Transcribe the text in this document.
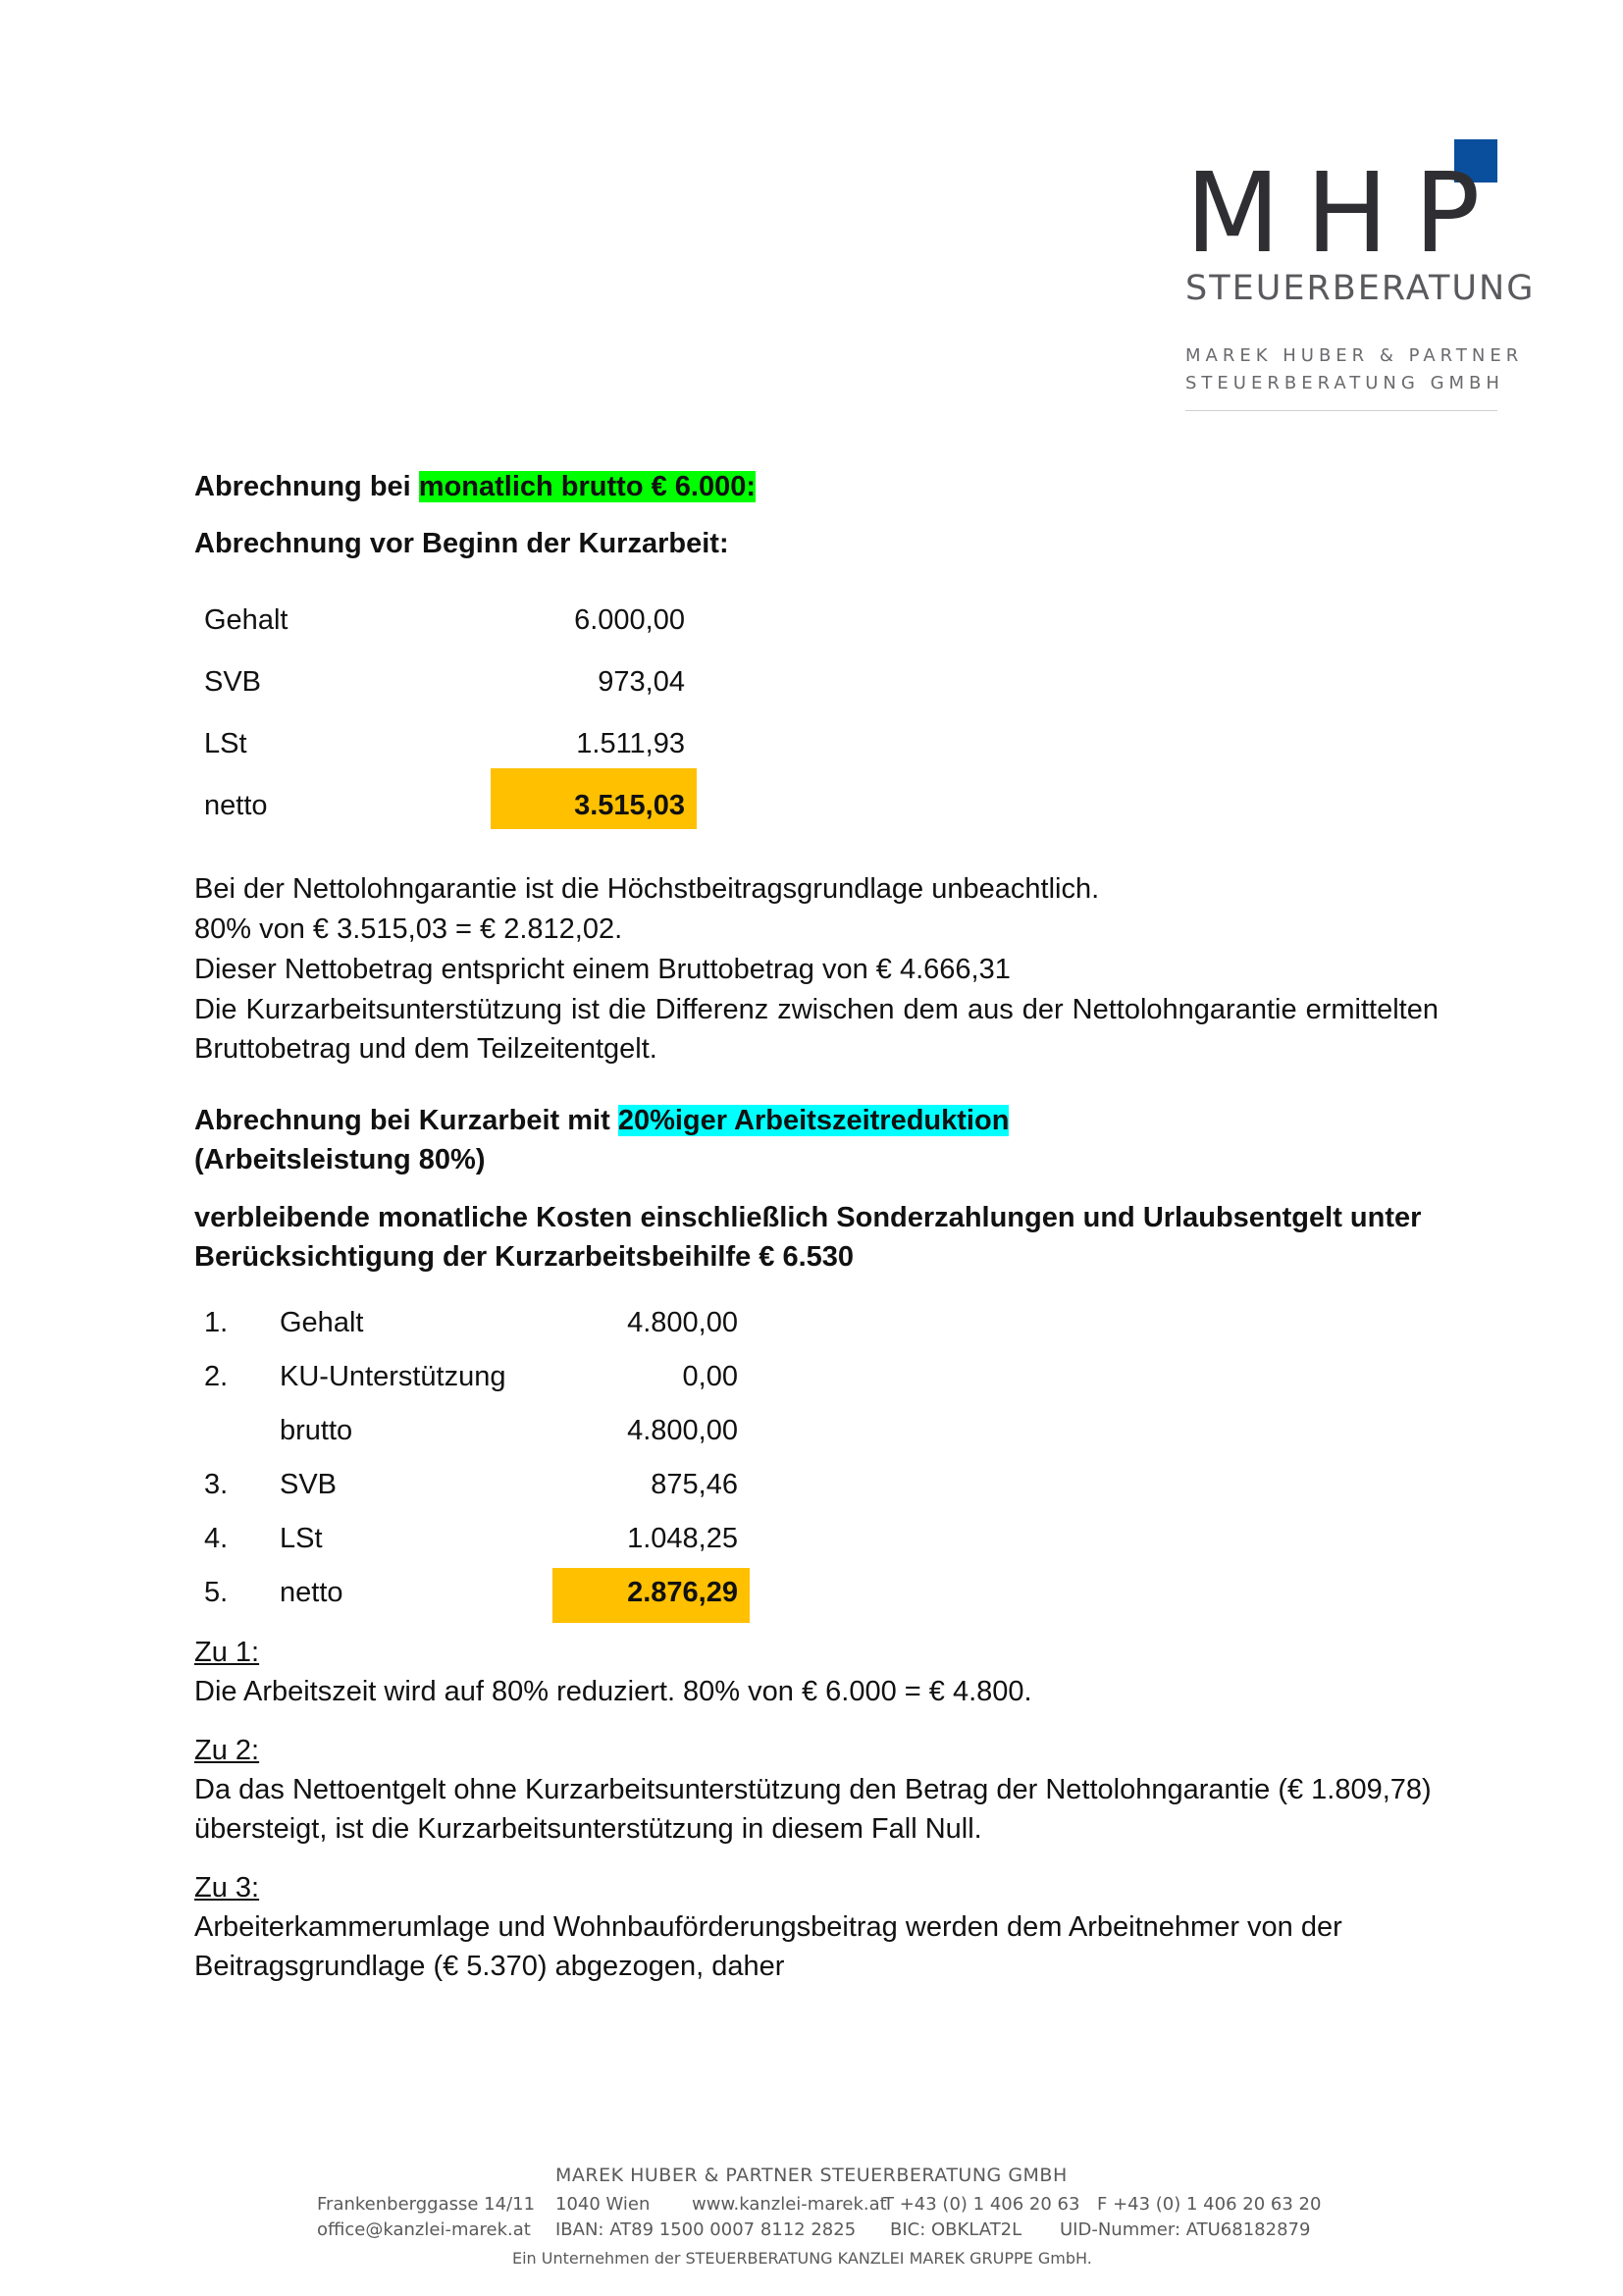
MHP
STEUERBERATUNG
MAREK HUBER & PARTNER
STEUERBERATUNG GMBH
Abrechnung bei monatlich brutto € 6.000:
Abrechnung vor Beginn der Kurzarbeit:
Gehalt	6.000,00
SVB	973,04
LSt	1.511,93
netto	3.515,03
Bei der Nettolohngarantie ist die Höchstbeitragsgrundlage unbeachtlich.
80% von € 3.515,03 = € 2.812,02.
Dieser Nettobetrag entspricht einem Bruttobetrag von € 4.666,31
Die Kurzarbeitsunterstützung ist die Differenz zwischen dem aus der Nettolohngarantie ermittelten Bruttobetrag und dem Teilzeitentgelt.
Abrechnung bei Kurzarbeit mit 20%iger Arbeitszeitreduktion
(Arbeitsleistung 80%)
verbleibende monatliche Kosten einschließlich Sonderzahlungen und Urlaubsentgelt unter Berücksichtigung der Kurzarbeitsbeihilfe € 6.530
1. Gehalt	4.800,00
2. KU-Unterstützung	0,00
brutto	4.800,00
3. SVB	875,46
4. LSt	1.048,25
5. netto	2.876,29
Zu 1:
Die Arbeitszeit wird auf 80% reduziert. 80% von € 6.000 = € 4.800.
Zu 2:
Da das Nettoentgelt ohne Kurzarbeitsunterstützung den Betrag der Nettolohngarantie (€ 1.809,78) übersteigt, ist die Kurzarbeitsunterstützung in diesem Fall Null.
Zu 3:
Arbeiterkammerumlage und Wohnbauförderungsbeitrag werden dem Arbeitnehmer von der Beitragsgrundlage (€ 5.370) abgezogen, daher
MAREK HUBER & PARTNER STEUERBERATUNG GMBH
Frankenberggasse 14/11
office@kanzlei-marek.at
1040 Wien
IBAN: AT89 1500 0007 8112 2825
www.kanzlei-marek.at
BIC: OBKLAT2L
T +43 (0) 1 406 20 63 F +43 (0) 1 406 20 63 20
UID-Nummer: ATU68182879
Ein Unternehmen der STEUERBERATUNG KANZLEI MAREK GRUPPE GmbH.
